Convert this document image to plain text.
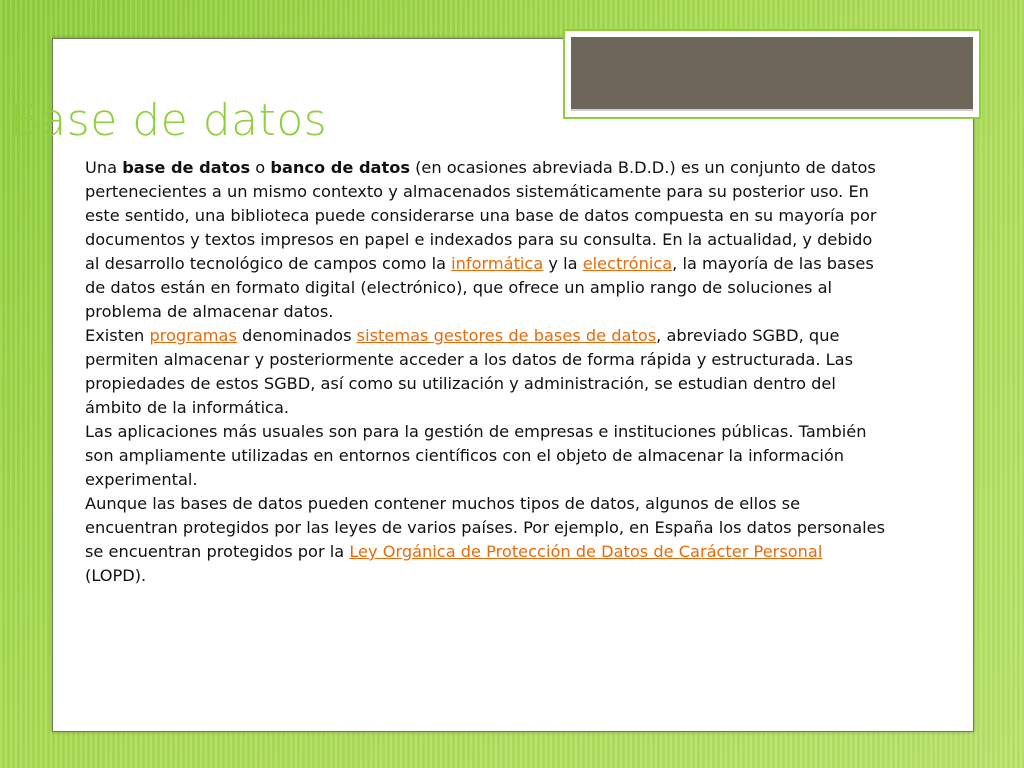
Base de datos

Una base de datos o banco de datos (en ocasiones abreviada B.D.D.) es un conjunto de datos pertenecientes a un mismo contexto y almacenados sistemáticamente para su posterior uso. En este sentido, una biblioteca puede considerarse una base de datos compuesta en su mayoría por documentos y textos impresos en papel e indexados para su consulta. En la actualidad, y debido al desarrollo tecnológico de campos como la informática y la electrónica, la mayoría de las bases de datos están en formato digital (electrónico), que ofrece un amplio rango de soluciones al problema de almacenar datos.

Existen programas denominados sistemas gestores de bases de datos, abreviado SGBD, que permiten almacenar y posteriormente acceder a los datos de forma rápida y estructurada. Las propiedades de estos SGBD, así como su utilización y administración, se estudian dentro del ámbito de la informática.

Las aplicaciones más usuales son para la gestión de empresas e instituciones públicas. También son ampliamente utilizadas en entornos científicos con el objeto de almacenar la información experimental.

Aunque las bases de datos pueden contener muchos tipos de datos, algunos de ellos se encuentran protegidos por las leyes de varios países. Por ejemplo, en España los datos personales se encuentran protegidos por la Ley Orgánica de Protección de Datos de Carácter Personal (LOPD).
